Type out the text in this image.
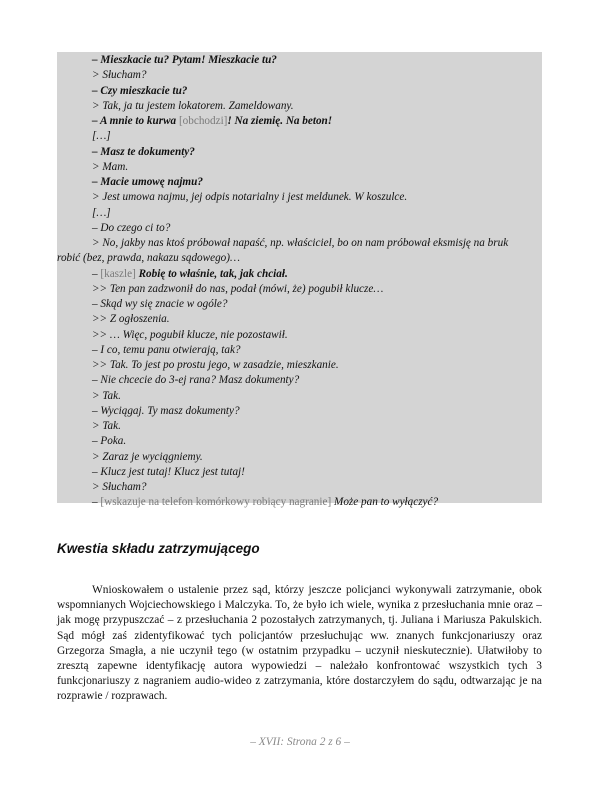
– Mieszkacie tu? Pytam! Mieszkacie tu?
> Słucham?
– Czy mieszkacie tu?
> Tak, ja tu jestem lokatorem. Zameldowany.
– A mnie to kurwa [obchodzi]! Na ziemię. Na beton!
[…]
– Masz te dokumenty?
> Mam.
– Macie umowę najmu?
> Jest umowa najmu, jej odpis notarialny i jest meldunek. W koszulce.
[…]
– Do czego ci to?
> No, jakby nas ktoś próbował napaść, np. właściciel, bo on nam próbował eksmisję na bruk
robić (bez, prawda, nakazu sądowego)…
– [kaszle] Robię to właśnie, tak, jak chciał.
>> Ten pan zadzwonił do nas, podał (mówi, że) pogubił klucze…
– Skąd wy się znacie w ogóle?
>> Z ogłoszenia.
>> … Więc, pogubił klucze, nie pozostawił.
– I co, temu panu otwierają, tak?
>> Tak. To jest po prostu jego, w zasadzie, mieszkanie.
– Nie chcecie do 3-ej rana? Masz dokumenty?
> Tak.
– Wyciągaj. Ty masz dokumenty?
> Tak.
– Poka.
> Zaraz je wyciągniemy.
– Klucz jest tutaj! Klucz jest tutaj!
> Słucham?
– [wskazuje na telefon komórkowy robiący nagranie] Może pan to wyłączyć?
Kwestia składu zatrzymującego

Wnioskowałem o ustalenie przez sąd, którzy jeszcze policjanci wykonywali zatrzymanie, obok wspomnianych Wojciechowskiego i Malczyka. To, że było ich wiele, wynika z przesłuchania mnie oraz – jak mogę przypuszczać – z przesłuchania 2 pozostałych zatrzymanych, tj. Juliana i Mariusza Pakulskich. Sąd mógł zaś zidentyfikować tych policjantów przesłuchując ww. znanych funkcjonariuszy oraz Grzegorza Smagła, a nie uczynił tego (w ostatnim przypadku – uczynił nieskutecznie). Ułatwiłoby to zresztą zapewne identyfikację autora wypowiedzi – należało konfrontować wszystkich tych 3 funkcjonariuszy z nagraniem audio-wideo z zatrzymania, które dostarczyłem do sądu, odtwarzając je na rozprawie / rozprawach.

– XVII: Strona 2 z 6 –
